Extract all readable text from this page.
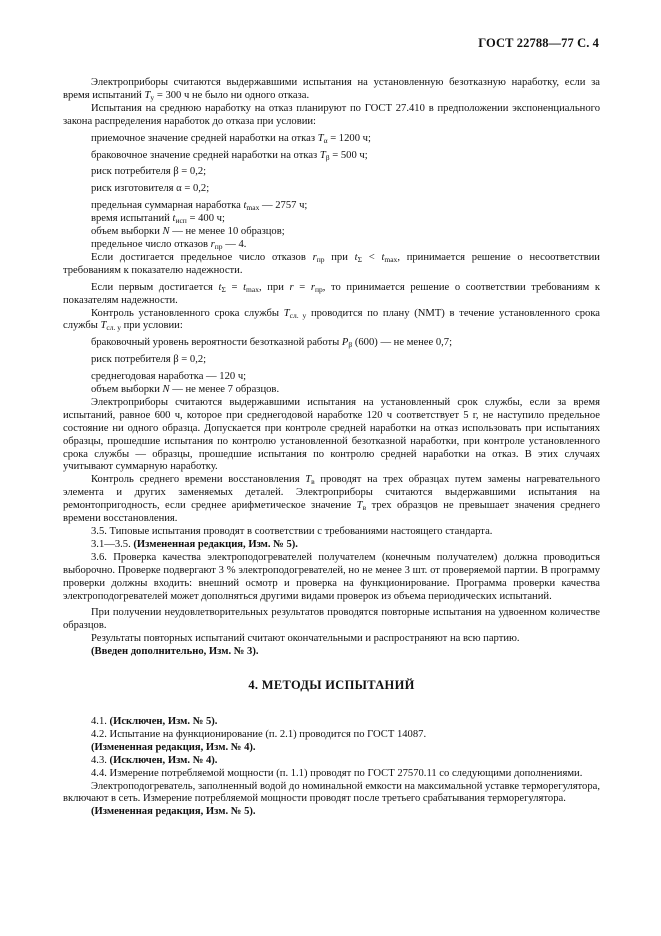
ГОСТ 22788—77 С. 4

Электроприборы считаются выдержавшими испытания на установленную безотказную наработку, если за время испытаний $T_у = 300$ ч не было ни одного отказа.

Испытания на среднюю наработку на отказ планируют по ГОСТ 27.410 в предположении экспоненциального закона распределения наработок до отказа при условии:

приемочное значение средней наработки на отказ $T_\alpha = 1200$ ч;

браковочное значение средней наработки на отказ $T_\beta = 500$ ч;

риск потребителя β = 0,2;

риск изготовителя α = 0,2;

предельная суммарная наработка $t_{max}$ — 2757 ч;

время испытаний $t_{исп} = 400$ ч;

объем выборки N — не менее 10 образцов;

предельное число отказов $r_{пр}$ — 4.

Если достигается предельное число отказов $r_{пр}$ при $t_\Sigma < t_{max}$, принимается решение о несоответствии требованиям к показателю надежности.

Если первым достигается $t_\Sigma = t_{max}$, при $r = r_{пр}$, то принимается решение о соответствии требованиям к показателям надежности.

Контроль установленного срока службы $T_{сл. у}$ проводится по плану (NMT) в течение установленного срока службы $T_{сл. у}$ при условии:

браковочный уровень вероятности безотказной работы $P_\beta$ (600) — не менее 0,7;

риск потребителя β = 0,2;

среднегодовая наработка — 120 ч;

объем выборки N — не менее 7 образцов.

Электроприборы считаются выдержавшими испытания на установленный срок службы, если за время испытаний, равное 600 ч, которое при среднегодовой наработке 120 ч соответствует 5 г, не наступило предельное состояние ни одного образца. Допускается при контроле средней наработки на отказ использовать при испытаниях образцы, прошедшие испытания по контролю установленной безотказной наработки, при контроле установленного срока службы — образцы, прошедшие испытания по контролю средней наработки на отказ. В этих случаях учитывают суммарную наработку.

Контроль среднего времени восстановления $T_в$ проводят на трех образцах путем замены нагревательного элемента и других заменяемых деталей. Электроприборы считаются выдержавшими испытания на ремонтопригодность, если среднее арифметическое значение $T_в$ трех образцов не превышает значения среднего времени восстановления.

3.5. Типовые испытания проводят в соответствии с требованиями настоящего стандарта.

3.1—3.5. (Измененная редакция, Изм. № 5).

3.6. Проверка качества электроподогревателей получателем (конечным получателем) должна проводиться выборочно. Проверке подвергают 3 % электроподогревателей, но не менее 3 шт. от проверяемой партии. В программу проверки должны входить: внешний осмотр и проверка на функционирование. Программа проверки качества электроподогревателей может дополняться другими видами проверок из объема периодических испытаний.

При получении неудовлетворительных результатов проводятся повторные испытания на удвоенном количестве образцов.

Результаты повторных испытаний считают окончательными и распространяют на всю партию.

(Введен дополнительно, Изм. № 3).

4. МЕТОДЫ ИСПЫТАНИЙ

4.1. (Исключен, Изм. № 5).

4.2. Испытание на функционирование (п. 2.1) проводится по ГОСТ 14087.

(Измененная редакция, Изм. № 4).

4.3. (Исключен, Изм. № 4).

4.4. Измерение потребляемой мощности (п. 1.1) проводят по ГОСТ 27570.11 со следующими дополнениями.

Электроподогреватель, заполненный водой до номинальной емкости на максимальной уставке терморегулятора, включают в сеть. Измерение потребляемой мощности проводят после третьего срабатывания терморегулятора.

(Измененная редакция, Изм. № 5).
